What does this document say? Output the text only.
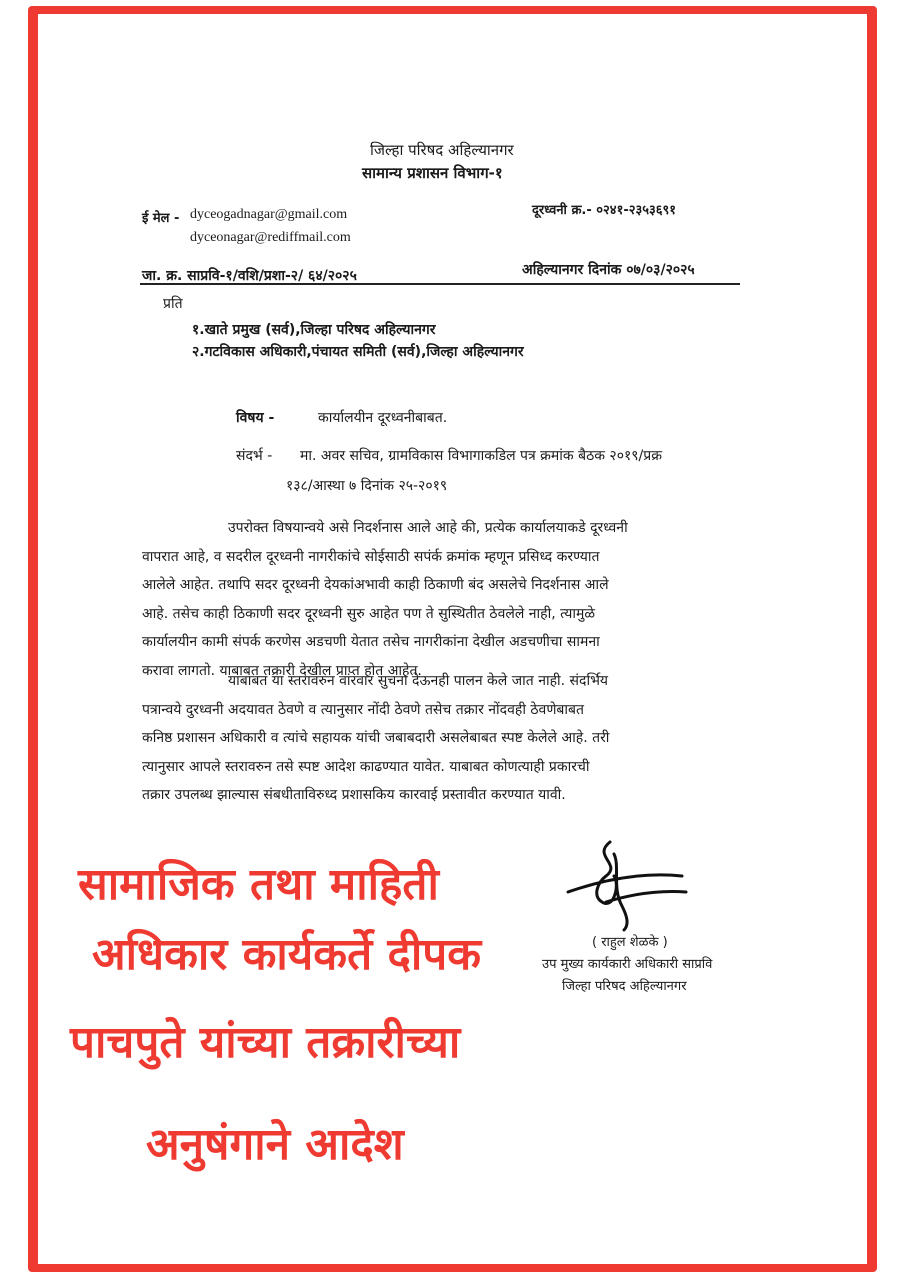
जिल्हा परिषद अहिल्यानगर
सामान्य प्रशासन विभाग-१
ई मेल - dyceogadnagar@gmail.com
dyceonagar@rediffmail.com
दूरध्वनी क्र.- ०२४१-२३५३६९१
जा. क्र. साप्रवि-१/वशि/प्रशा-२/ ६४/२०२५	अहिल्यानगर दिनांक ०७/०३/२०२५
प्रति
१.खाते प्रमुख (सर्व),जिल्हा परिषद अहिल्यानगर
२.गटविकास अधिकारी,पंचायत समिती (सर्व),जिल्हा अहिल्यानगर
विषय -	कार्यालयीन दूरध्वनीबाबत.
संदर्भ - मा. अवर सचिव, ग्रामविकास विभागाकडिल पत्र क्रमांक बैठक २०१९/प्रक्र
१३८/आस्था ७ दिनांक २५-२०१९
उपरोक्त विषयान्वये असे निदर्शनास आले आहे की, प्रत्येक कार्यालयाकडे दूरध्वनी
वापरात आहे, व सदरील दूरध्वनी नागरीकांचे सोईसाठी सपंर्क क्रमांक म्हणून प्रसिध्द करण्यात
आलेले आहेत. तथापि सदर दूरध्वनी देयकांअभावी काही ठिकाणी बंद असलेचे निदर्शनास आले
आहे. तसेच काही ठिकाणी सदर दूरध्वनी सुरु आहेत पण ते सुस्थितीत ठेवलेले नाही, त्यामुळे
कार्यालयीन कामी संपर्क करणेस अडचणी येतात तसेच नागरीकांना देखील अडचणीचा सामना
करावा लागतो. याबाबत तक्रारी देखील प्राप्त होत आहेत.
याबाबत या स्तरावरुन वांरवार सुचना देऊनही पालन केले जात नाही. संदर्भिय
पत्रान्वये दुरध्वनी अदयावत ठेवणे व त्यानुसार नोंदी ठेवणे तसेच तक्रार नोंदवही ठेवणेबाबत
कनिष्ठ प्रशासन अधिकारी व त्यांचे सहायक यांची जबाबदारी असलेबाबत स्पष्ट केलेले आहे. तरी
त्यानुसार आपले स्तरावरुन तसे स्पष्ट आदेश काढण्यात यावेत. याबाबत कोणत्याही प्रकारची
तक्रार उपलब्ध झाल्यास संबधीताविरुध्द प्रशासकिय कारवाई प्रस्तावीत करण्यात यावी.
( राहुल शेळके )
उप मुख्य कार्यकारी अधिकारी साप्रवि
जिल्हा परिषद अहिल्यानगर
सामाजिक तथा माहिती
अधिकार कार्यकर्ते दीपक
पाचपुते यांच्या तक्रारीच्या
अनुषंगाने आदेश
